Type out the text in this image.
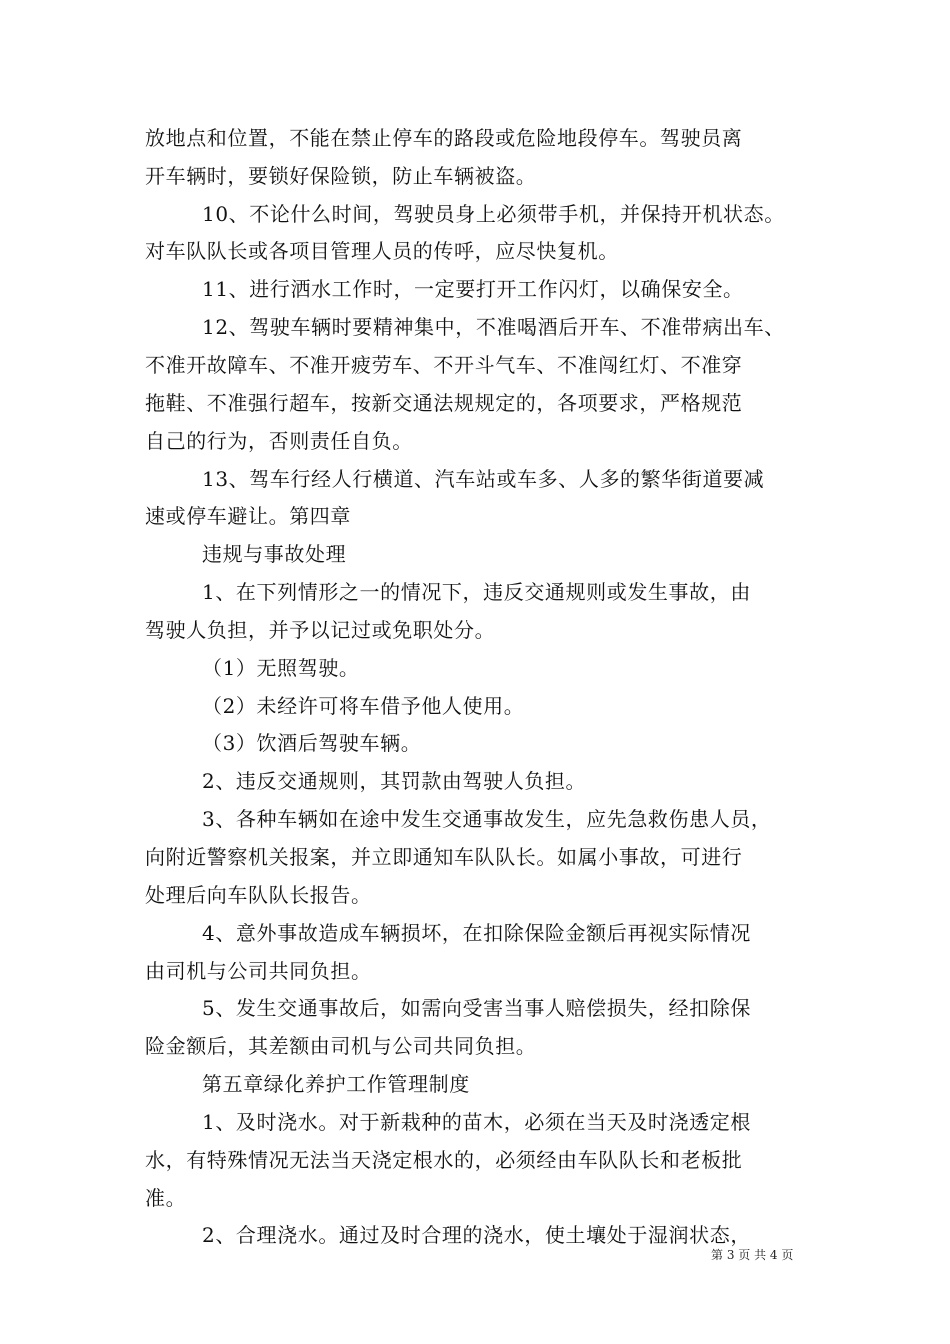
放地点和位置，不能在禁止停车的路段或危险地段停车。驾驶员离
开车辆时，要锁好保险锁，防止车辆被盗。
10、不论什么时间，驾驶员身上必须带手机，并保持开机状态。
对车队队长或各项目管理人员的传呼，应尽快复机。
11、进行洒水工作时，一定要打开工作闪灯，以确保安全。
12、驾驶车辆时要精神集中，不准喝酒后开车、不准带病出车、
不准开故障车、不准开疲劳车、不开斗气车、不准闯红灯、不准穿
拖鞋、不准强行超车，按新交通法规规定的，各项要求，严格规范
自己的行为，否则责任自负。
13、驾车行经人行横道、汽车站或车多、人多的繁华街道要减
速或停车避让。第四章
违规与事故处理
1、在下列情形之一的情况下，违反交通规则或发生事故，由
驾驶人负担，并予以记过或免职处分。
（1）无照驾驶。
（2）未经许可将车借予他人使用。
（3）饮酒后驾驶车辆。
2、违反交通规则，其罚款由驾驶人负担。
3、各种车辆如在途中发生交通事故发生，应先急救伤患人员，
向附近警察机关报案，并立即通知车队队长。如属小事故，可进行
处理后向车队队长报告。
4、意外事故造成车辆损坏，在扣除保险金额后再视实际情况
由司机与公司共同负担。
5、发生交通事故后，如需向受害当事人赔偿损失，经扣除保
险金额后，其差额由司机与公司共同负担。
第五章绿化养护工作管理制度
1、及时浇水。对于新栽种的苗木，必须在当天及时浇透定根
水，有特殊情况无法当天浇定根水的，必须经由车队队长和老板批
准。
2、合理浇水。通过及时合理的浇水，使土壤处于湿润状态，
第 3 页 共 4 页
